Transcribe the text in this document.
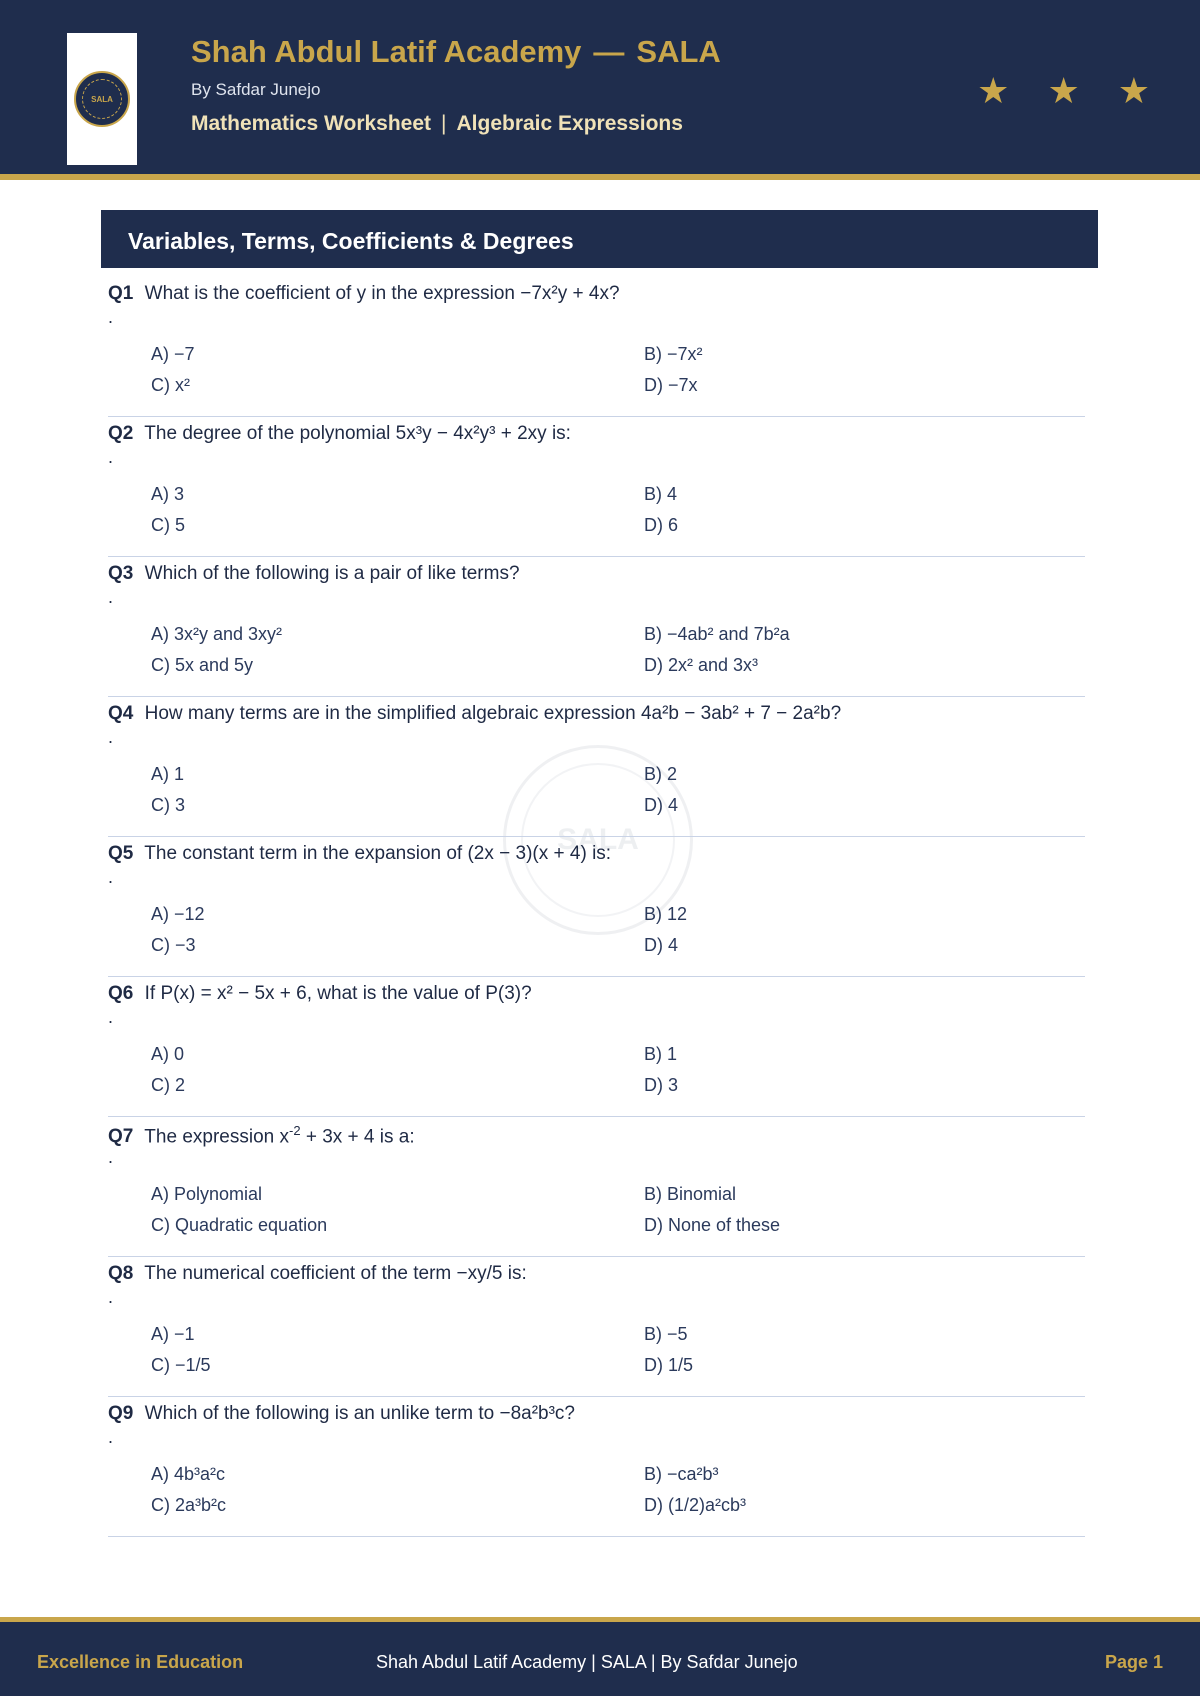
SALA
Shah Abdul Latif Academy — SALA
By Safdar Junejo
Mathematics Worksheet | Algebraic Expressions
★ ★ ★
Variables, Terms, Coefficients & Degrees
SALA
Q1 What is the coefficient of y in the expression −7x²y + 4x?
.
A) −7	B) −7x²
C) x²	D) −7x
Q2 The degree of the polynomial 5x³y − 4x²y³ + 2xy is:
.
A) 3	B) 4
C) 5	D) 6
Q3 Which of the following is a pair of like terms?
.
A) 3x²y and 3xy²	B) −4ab² and 7b²a
C) 5x and 5y	D) 2x² and 3x³
Q4 How many terms are in the simplified algebraic expression 4a²b − 3ab² + 7 − 2a²b?
.
A) 1	B) 2
C) 3	D) 4
Q5 The constant term in the expansion of (2x − 3)(x + 4) is:
.
A) −12	B) 12
C) −3	D) 4
Q6 If P(x) = x² − 5x + 6, what is the value of P(3)?
.
A) 0	B) 1
C) 2	D) 3
Q7 The expression $x^{-2} + 3x + 4$ is a:
.
A) Polynomial	B) Binomial
C) Quadratic equation	D) None of these
Q8 The numerical coefficient of the term −xy/5 is:
.
A) −1	B) −5
C) −1/5	D) 1/5
Q9 Which of the following is an unlike term to −8a²b³c?
.
A) 4b³a²c	B) −ca²b³
C) 2a³b²c	D) (1/2)a²cb³
Excellence in Education	Shah Abdul Latif Academy | SALA | By Safdar Junejo	Page 1
